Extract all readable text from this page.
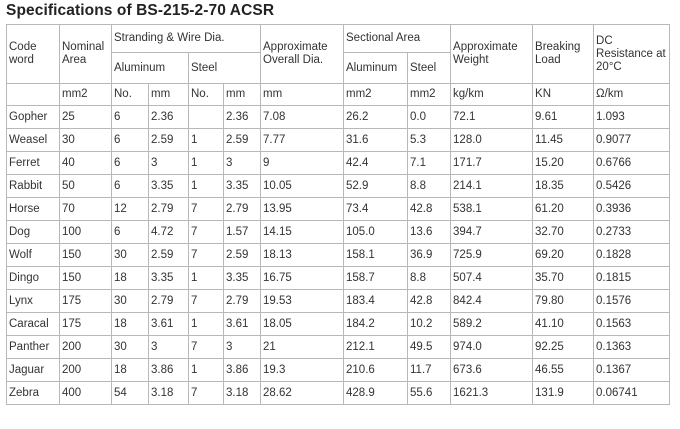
Specifications of BS-215-2-70 ACSR
Code word	Nominal Area	Stranding & Wire Dia.				Approximate Overall Dia.	Sectional Area		Approximate Weight	Breaking Load	DC Resistance at 20°C
		Aluminum		Steel			Aluminum	Steel			
	mm2	No.	mm	No.	mm	mm	mm2	mm2	kg/km	KN	Ω/km
Gopher	25	6	2.36		2.36	7.08	26.2	0.0	72.1	9.61	1.093
Weasel	30	6	2.59	1	2.59	7.77	31.6	5.3	128.0	11.45	0.9077
Ferret	40	6	3	1	3	9	42.4	7.1	171.7	15.20	0.6766
Rabbit	50	6	3.35	1	3.35	10.05	52.9	8.8	214.1	18.35	0.5426
Horse	70	12	2.79	7	2.79	13.95	73.4	42.8	538.1	61.20	0.3936
Dog	100	6	4.72	7	1.57	14.15	105.0	13.6	394.7	32.70	0.2733
Wolf	150	30	2.59	7	2.59	18.13	158.1	36.9	725.9	69.20	0.1828
Dingo	150	18	3.35	1	3.35	16.75	158.7	8.8	507.4	35.70	0.1815
Lynx	175	30	2.79	7	2.79	19.53	183.4	42.8	842.4	79.80	0.1576
Caracal	175	18	3.61	1	3.61	18.05	184.2	10.2	589.2	41.10	0.1563
Panther	200	30	3	7	3	21	212.1	49.5	974.0	92.25	0.1363
Jaguar	200	18	3.86	1	3.86	19.3	210.6	11.7	673.6	46.55	0.1367
Zebra	400	54	3.18	7	3.18	28.62	428.9	55.6	1621.3	131.9	0.06741
